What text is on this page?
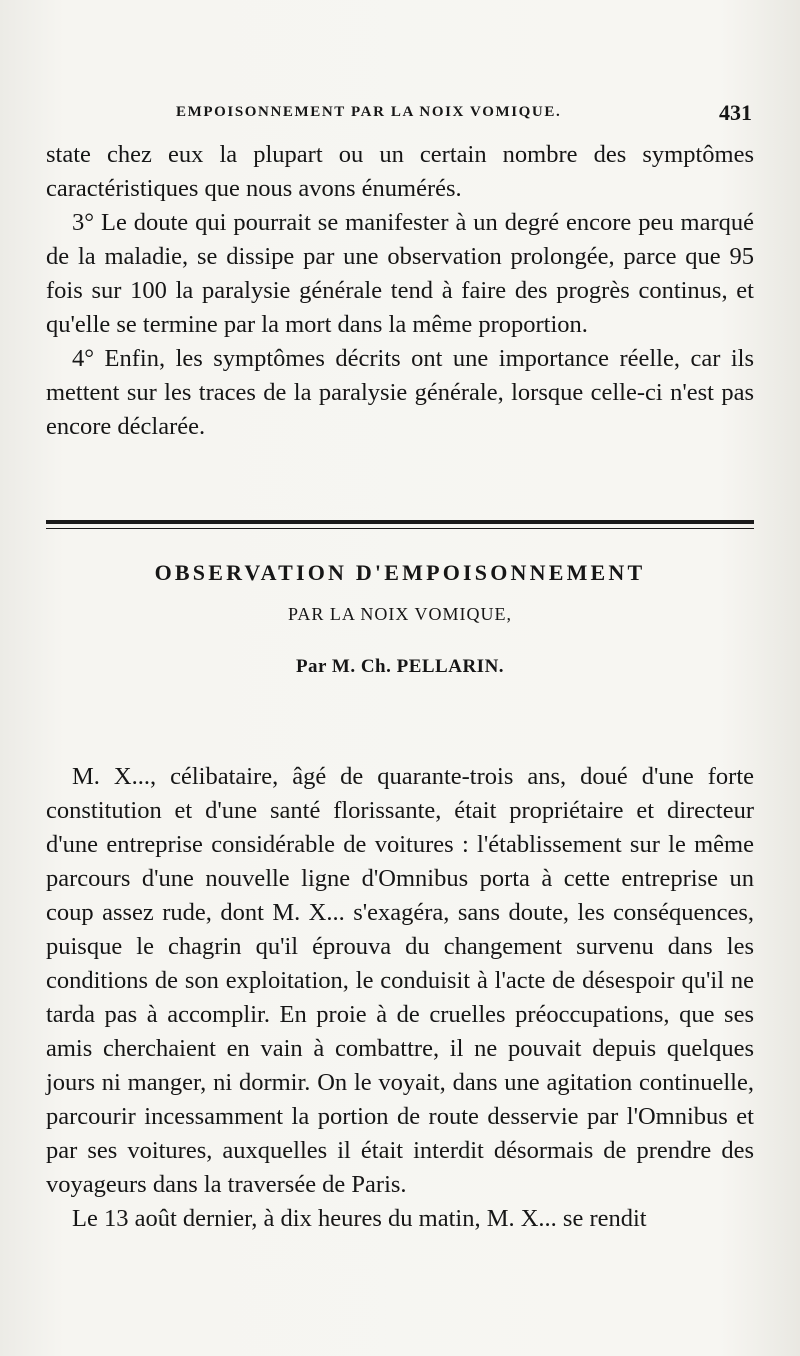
EMPOISONNEMENT PAR LA NOIX VOMIQUE.	431

state chez eux la plupart ou un certain nombre des symptômes caractéristiques que nous avons énumérés.

3° Le doute qui pourrait se manifester à un degré encore peu marqué de la maladie, se dissipe par une observation prolongée, parce que 95 fois sur 100 la paralysie générale tend à faire des progrès continus, et qu'elle se termine par la mort dans la même proportion.

4° Enfin, les symptômes décrits ont une importance réelle, car ils mettent sur les traces de la paralysie générale, lorsque celle-ci n'est pas encore déclarée.

OBSERVATION D'EMPOISONNEMENT
PAR LA NOIX VOMIQUE,
Par M. Ch. PELLARIN.

M. X..., célibataire, âgé de quarante-trois ans, doué d'une forte constitution et d'une santé florissante, était propriétaire et directeur d'une entreprise considérable de voitures : l'établissement sur le même parcours d'une nouvelle ligne d'Omnibus porta à cette entreprise un coup assez rude, dont M. X... s'exagéra, sans doute, les conséquences, puisque le chagrin qu'il éprouva du changement survenu dans les conditions de son exploitation, le conduisit à l'acte de désespoir qu'il ne tarda pas à accomplir. En proie à de cruelles préoccupations, que ses amis cherchaient en vain à combattre, il ne pouvait depuis quelques jours ni manger, ni dormir. On le voyait, dans une agitation continuelle, parcourir incessamment la portion de route desservie par l'Omnibus et par ses voitures, auxquelles il était interdit désormais de prendre des voyageurs dans la traversée de Paris.

Le 13 août dernier, à dix heures du matin, M. X... se rendit
